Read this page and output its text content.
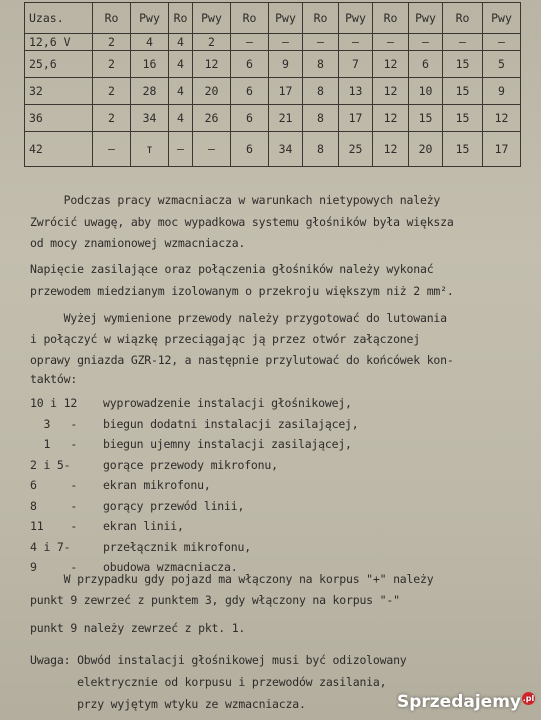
Uzas.	Ro	Pwy	Ro	Pwy	Ro	Pwy	Ro	Pwy	Ro	Pwy	Ro	Pwy
12,6 V	2	4	4	2	–	–	–	–	–	–	–	–
25,6	2	16	4	12	6	9	8	7	12	6	15	5
32	2	28	4	20	6	17	8	13	12	10	15	9
36	2	34	4	26	6	21	8	17	12	15	15	12
42	–	т	–	–	6	34	8	25	12	20	15	17
Podczas pracy wzmacniacza w warunkach nietypowych należy
Zwrócić uwagę, aby moc wypadkowa systemu głośników była większa
od mocy znamionowej wzmacniacza.
Napięcie zasilające oraz połączenia głośników należy wykonać
przewodem miedzianym izolowanym o przekroju większym niż 2 mm².
Wyżej wymienione przewody należy przygotować do lutowania
i połączyć w wiązkę przeciągając ją przez otwór załączonej
oprawy gniazda GZR-12, a następnie przylutować do końcówek kon-
taktów:
10 i 12 wyprowadzenie instalacji głośnikowej,
3   - biegun dodatni instalacji zasilającej,
1   - biegun ujemny instalacji zasilającej,
2 i 5-	gorące przewody mikrofonu,
6     - ekran mikrofonu,
8     - gorący przewód linii,
11    - ekran linii,
4 i 7-	przełącznik mikrofonu,
9     - obudowa wzmacniacza.
W przypadku gdy pojazd ma włączony na korpus "+" należy
punkt 9 zewrzeć z punktem 3, gdy włączony na korpus "-"
punkt 9 należy zewrzeć z pkt. 1.
Uwaga: Obwód instalacji głośnikowej musi być odizolowany
elektrycznie od korpusu i przewodów zasilania,
przy wyjętym wtyku ze wzmacniacza.	Sprzedajemy .pl
